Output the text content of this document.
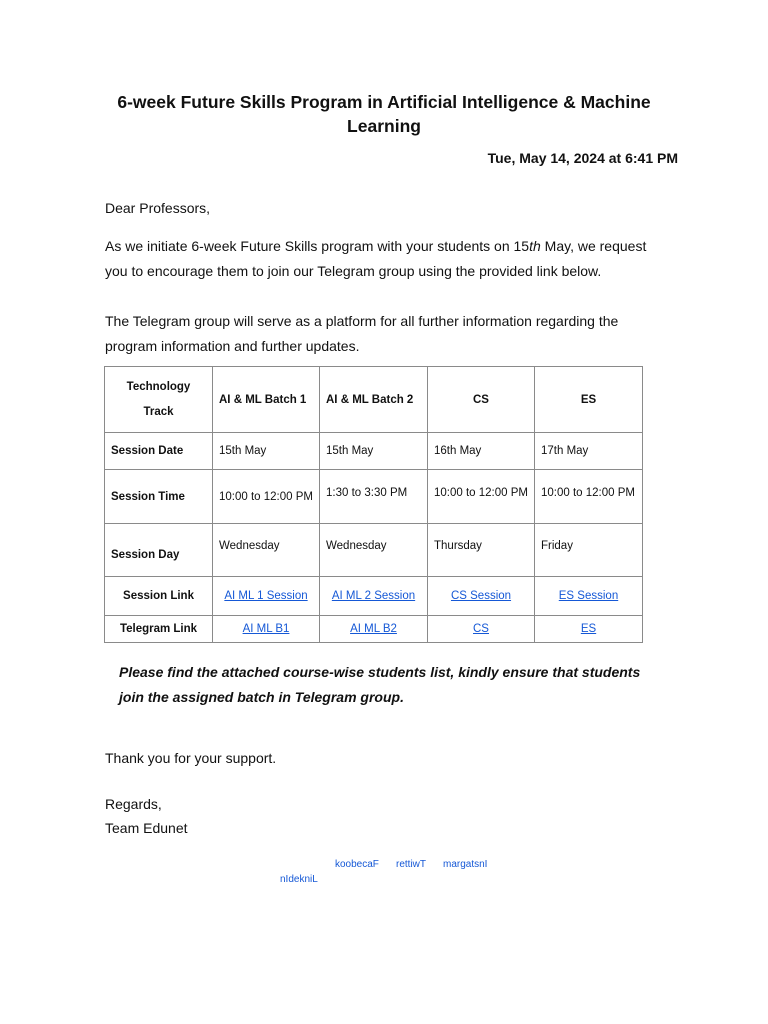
6-week Future Skills Program in Artificial Intelligence & Machine Learning
Tue, May 14, 2024 at 6:41 PM
Dear Professors,
As we initiate 6-week Future Skills program with your students on 15th May, we request you to encourage them to join our Telegram group using the provided link below.
The Telegram group will serve as a platform for all further information regarding the program information and further updates.
Technology
Track	AI & ML Batch 1	AI & ML Batch 2	CS	ES
Session Date	15th May	15th May	16th May	17th May
Session Time	10:00 to 12:00 PM	1:30 to 3:30 PM	10:00 to 12:00 PM	10:00 to 12:00 PM
Session Day	Wednesday	Wednesday	Thursday	Friday
Session Link	AI ML 1 Session	AI ML 2 Session	CS Session	ES Session
Telegram Link	AI ML B1	AI ML B2	CS	ES
Please find the attached course-wise students list, kindly ensure that students join the assigned batch in Telegram group.
Thank you for your support.
Regards,
Team Edunet
koobecaF rettiwT margatsnI
nIdekniL
